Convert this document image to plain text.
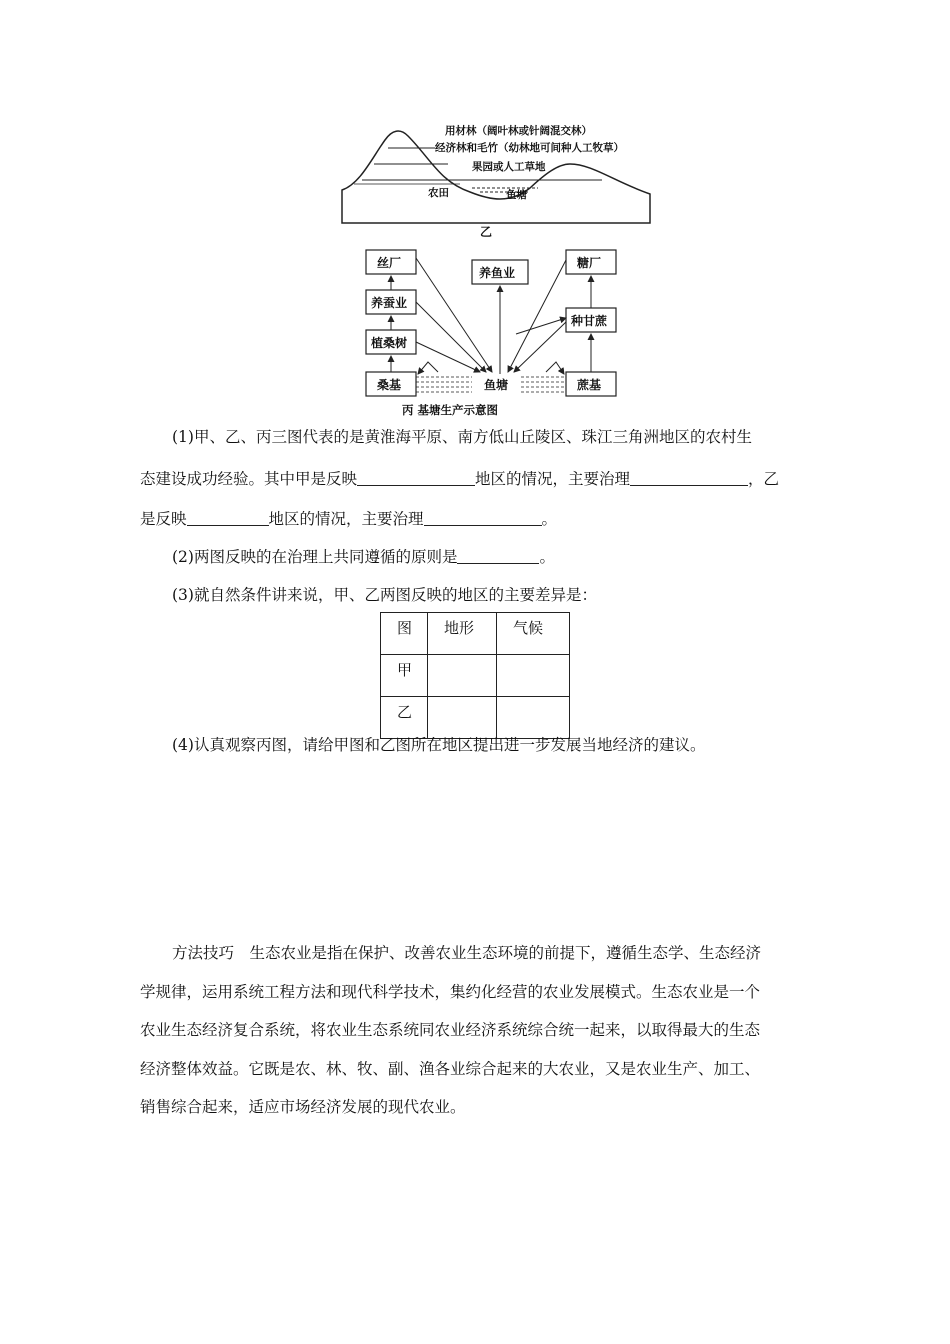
用材林（阔叶林或针阔混交林）
经济林和毛竹（幼林地可间种人工牧草）
果园或人工草地
农田	鱼塘
乙
丝厂
养鱼业
糖厂
养蚕业
种甘蔗
植桑树
桑基	鱼塘	蔗基
丙 基塘生产示意图
(1)甲、乙、丙三图代表的是黄淮海平原、南方低山丘陵区、珠江三角洲地区的农村生
态建设成功经验。其中甲是反映	地区的情况，主要治理	，乙
是反映	地区的情况，主要治理	。
(2)两图反映的在治理上共同遵循的原则是	。
(3)就自然条件讲来说，甲、乙两图反映的地区的主要差异是：
图	地形	气候
甲		
乙		
(4)认真观察丙图，请给甲图和乙图所在地区提出进一步发展当地经济的建议。

方法技巧　生态农业是指在保护、改善农业生态环境的前提下，遵循生态学、生态经济

学规律，运用系统工程方法和现代科学技术，集约化经营的农业发展模式。生态农业是一个

农业生态经济复合系统，将农业生态系统同农业经济系统综合统一起来，以取得最大的生态

经济整体效益。它既是农、林、牧、副、渔各业综合起来的大农业，又是农业生产、加工、

销售综合起来，适应市场经济发展的现代农业。
